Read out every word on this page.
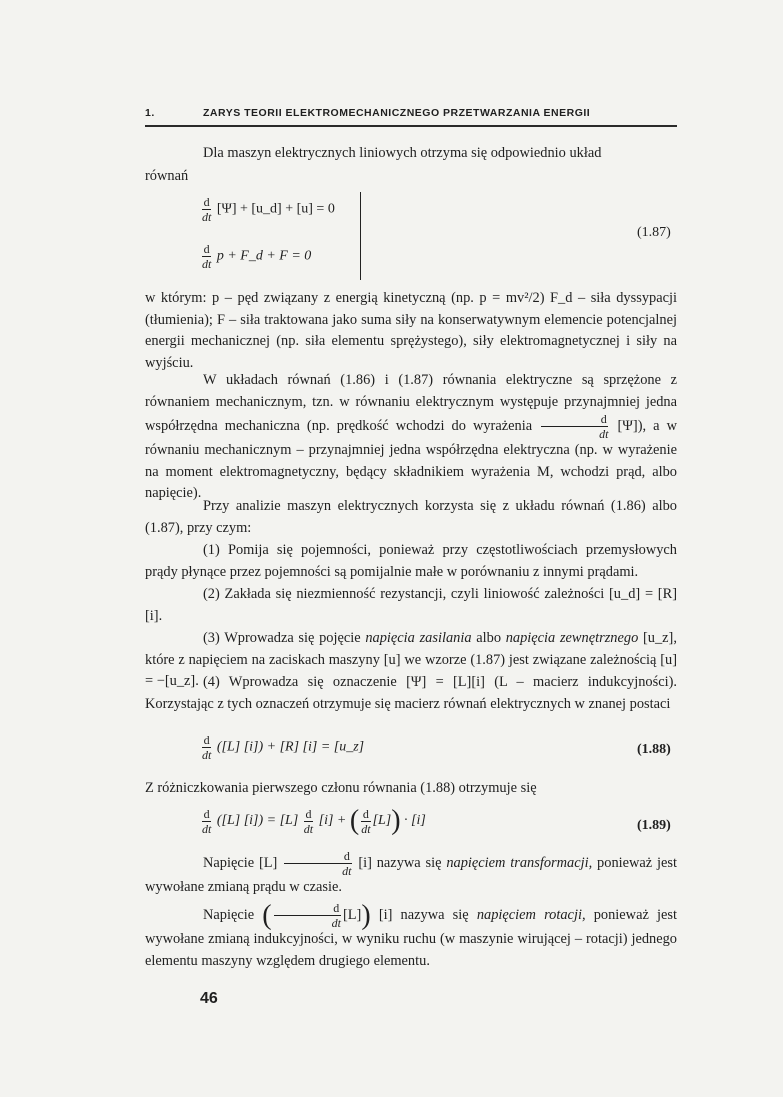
1.	ZARYS TEORII ELEKTROMECHANICZNEGO PRZETWARZANIA ENERGII
Dla maszyn elektrycznych liniowych otrzyma się odpowiednio układ
równań
$\frac{d}{dt} [\Psi]$ + [u_d] + [u] = 0
$\frac{d}{dt}$ p + F_d + F = 0
(1.87)
w którym: p – pęd związany z energią kinetyczną (np. p = mv²/2) F_d – siła dyssypacji (tłumienia); F – siła traktowana jako suma siły na konserwatywnym elemencie potencjalnej energii mechanicznej (np. siła elementu sprężystego), siły elektromagnetycznej i siły na wyjściu.
W układach równań (1.86) i (1.87) równania elektryczne są sprzężone z równaniem mechanicznym, tzn. w równaniu elektrycznym występuje przynajmniej jedna współrzędna mechaniczna (np. prędkość wchodzi do wyrażenia $\frac{d}{dt} [\Psi]$), a w równaniu mechanicznym – przynajmniej jedna współrzędna elektryczna (np. w wyrażenie na moment elektromagnetyczny, będący składnikiem wyrażenia M, wchodzi prąd, albo napięcie).
Przy analizie maszyn elektrycznych korzysta się z układu równań (1.86) albo (1.87), przy czym:
(1) Pomija się pojemności, ponieważ przy częstotliwościach przemysłowych prądy płynące przez pojemności są pomijalnie małe w porównaniu z innymi prądami.
(2) Zakłada się niezmienność rezystancji, czyli liniowość zależności [u_d] = [R][i].
(3) Wprowadza się pojęcie napięcia zasilania albo napięcia zewnętrznego [u_z], które z napięciem na zaciskach maszyny [u] we wzorze (1.87) jest związane zależnością [u] = −[u_z]. (4) Wprowadza się oznaczenie [Ψ] = [L][i] (L – macierz indukcyjności). Korzystając z tych oznaczeń otrzymuje się macierz równań elektrycznych w znanej postaci
$\frac{d}{dt} ([L] [i]) + [R] [i]$ = [u_z]	(1.88)
Z różniczkowania pierwszego członu równania (1.88) otrzymuje się
$\frac{d}{dt} ([L] [i]) = [L] \frac{d}{dt} [i]$ + ( $\frac{d}{dt} [L]) \cdot [i]$	(1.89)
Napięcie $[L] \frac{d}{dt} [i]$ nazywa się napięciem transformacji, ponieważ jest wywołane zmianą prądu w czasie.
Napięcie ( $\frac{d}{dt} [L]$) [i] nazywa się napięciem rotacji, ponieważ jest wywołane zmianą indukcyjności, w wyniku ruchu (w maszynie wirującej – rotacji) jednego elementu maszyny względem drugiego elementu.
46
